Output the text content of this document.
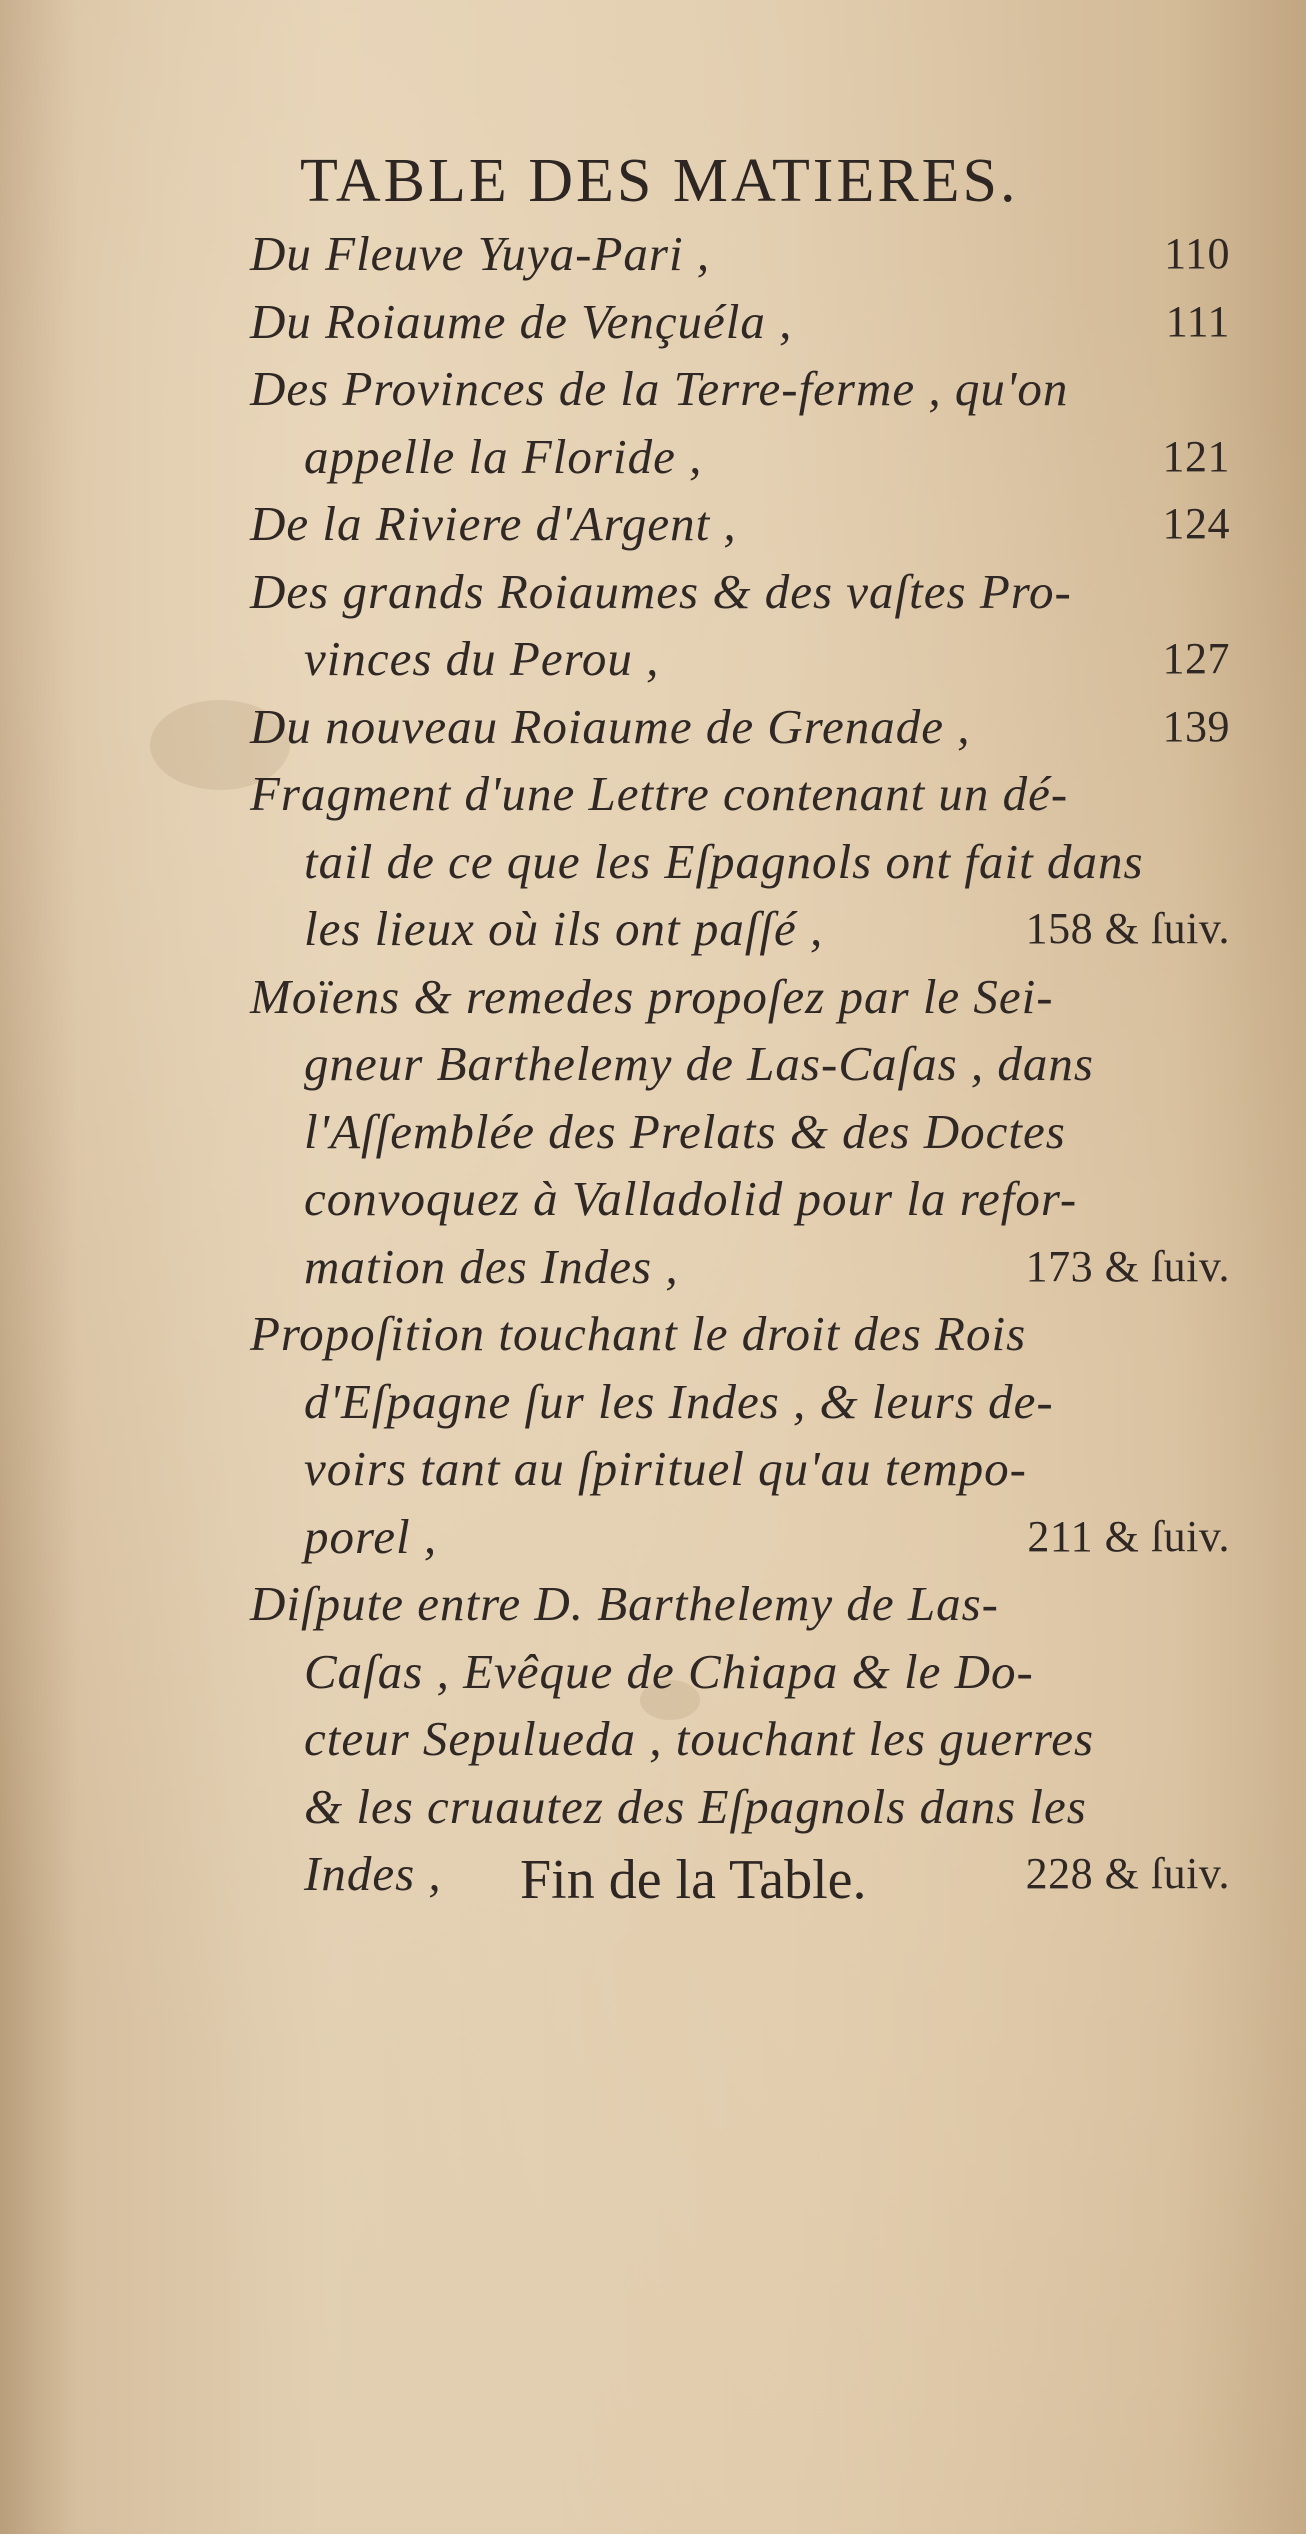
TABLE DES MATIERES.
Du Fleuve Yuya-Pari ,	110
Du Roiaume de Vençuéla ,	111
Des Provinces de la Terre-ferme , qu'on
appelle la Floride ,	121
De la Riviere d'Argent ,	124
Des grands Roiaumes & des vaſtes Pro-
vinces du Perou ,	127
Du nouveau Roiaume de Grenade ,	139
Fragment d'une Lettre contenant un dé-
tail de ce que les Eſpagnols ont fait dans
les lieux où ils ont paſſé ,	158 & ſuiv.
Moïens & remedes propoſez par le Sei-
gneur Barthelemy de Las-Caſas , dans
l'Aſſemblée des Prelats & des Doctes
convoquez à Valladolid pour la refor-
mation des Indes ,	173 & ſuiv.
Propoſition touchant le droit des Rois
d'Eſpagne ſur les Indes , & leurs de-
voirs tant au ſpirituel qu'au tempo-
porel ,	211 & ſuiv.
Diſpute entre D. Barthelemy de Las-
Caſas , Evêque de Chiapa & le Do-
cteur Sepulueda , touchant les guerres
& les cruautez des Eſpagnols dans les
Indes ,	228 & ſuiv.
Fin de la Table.
